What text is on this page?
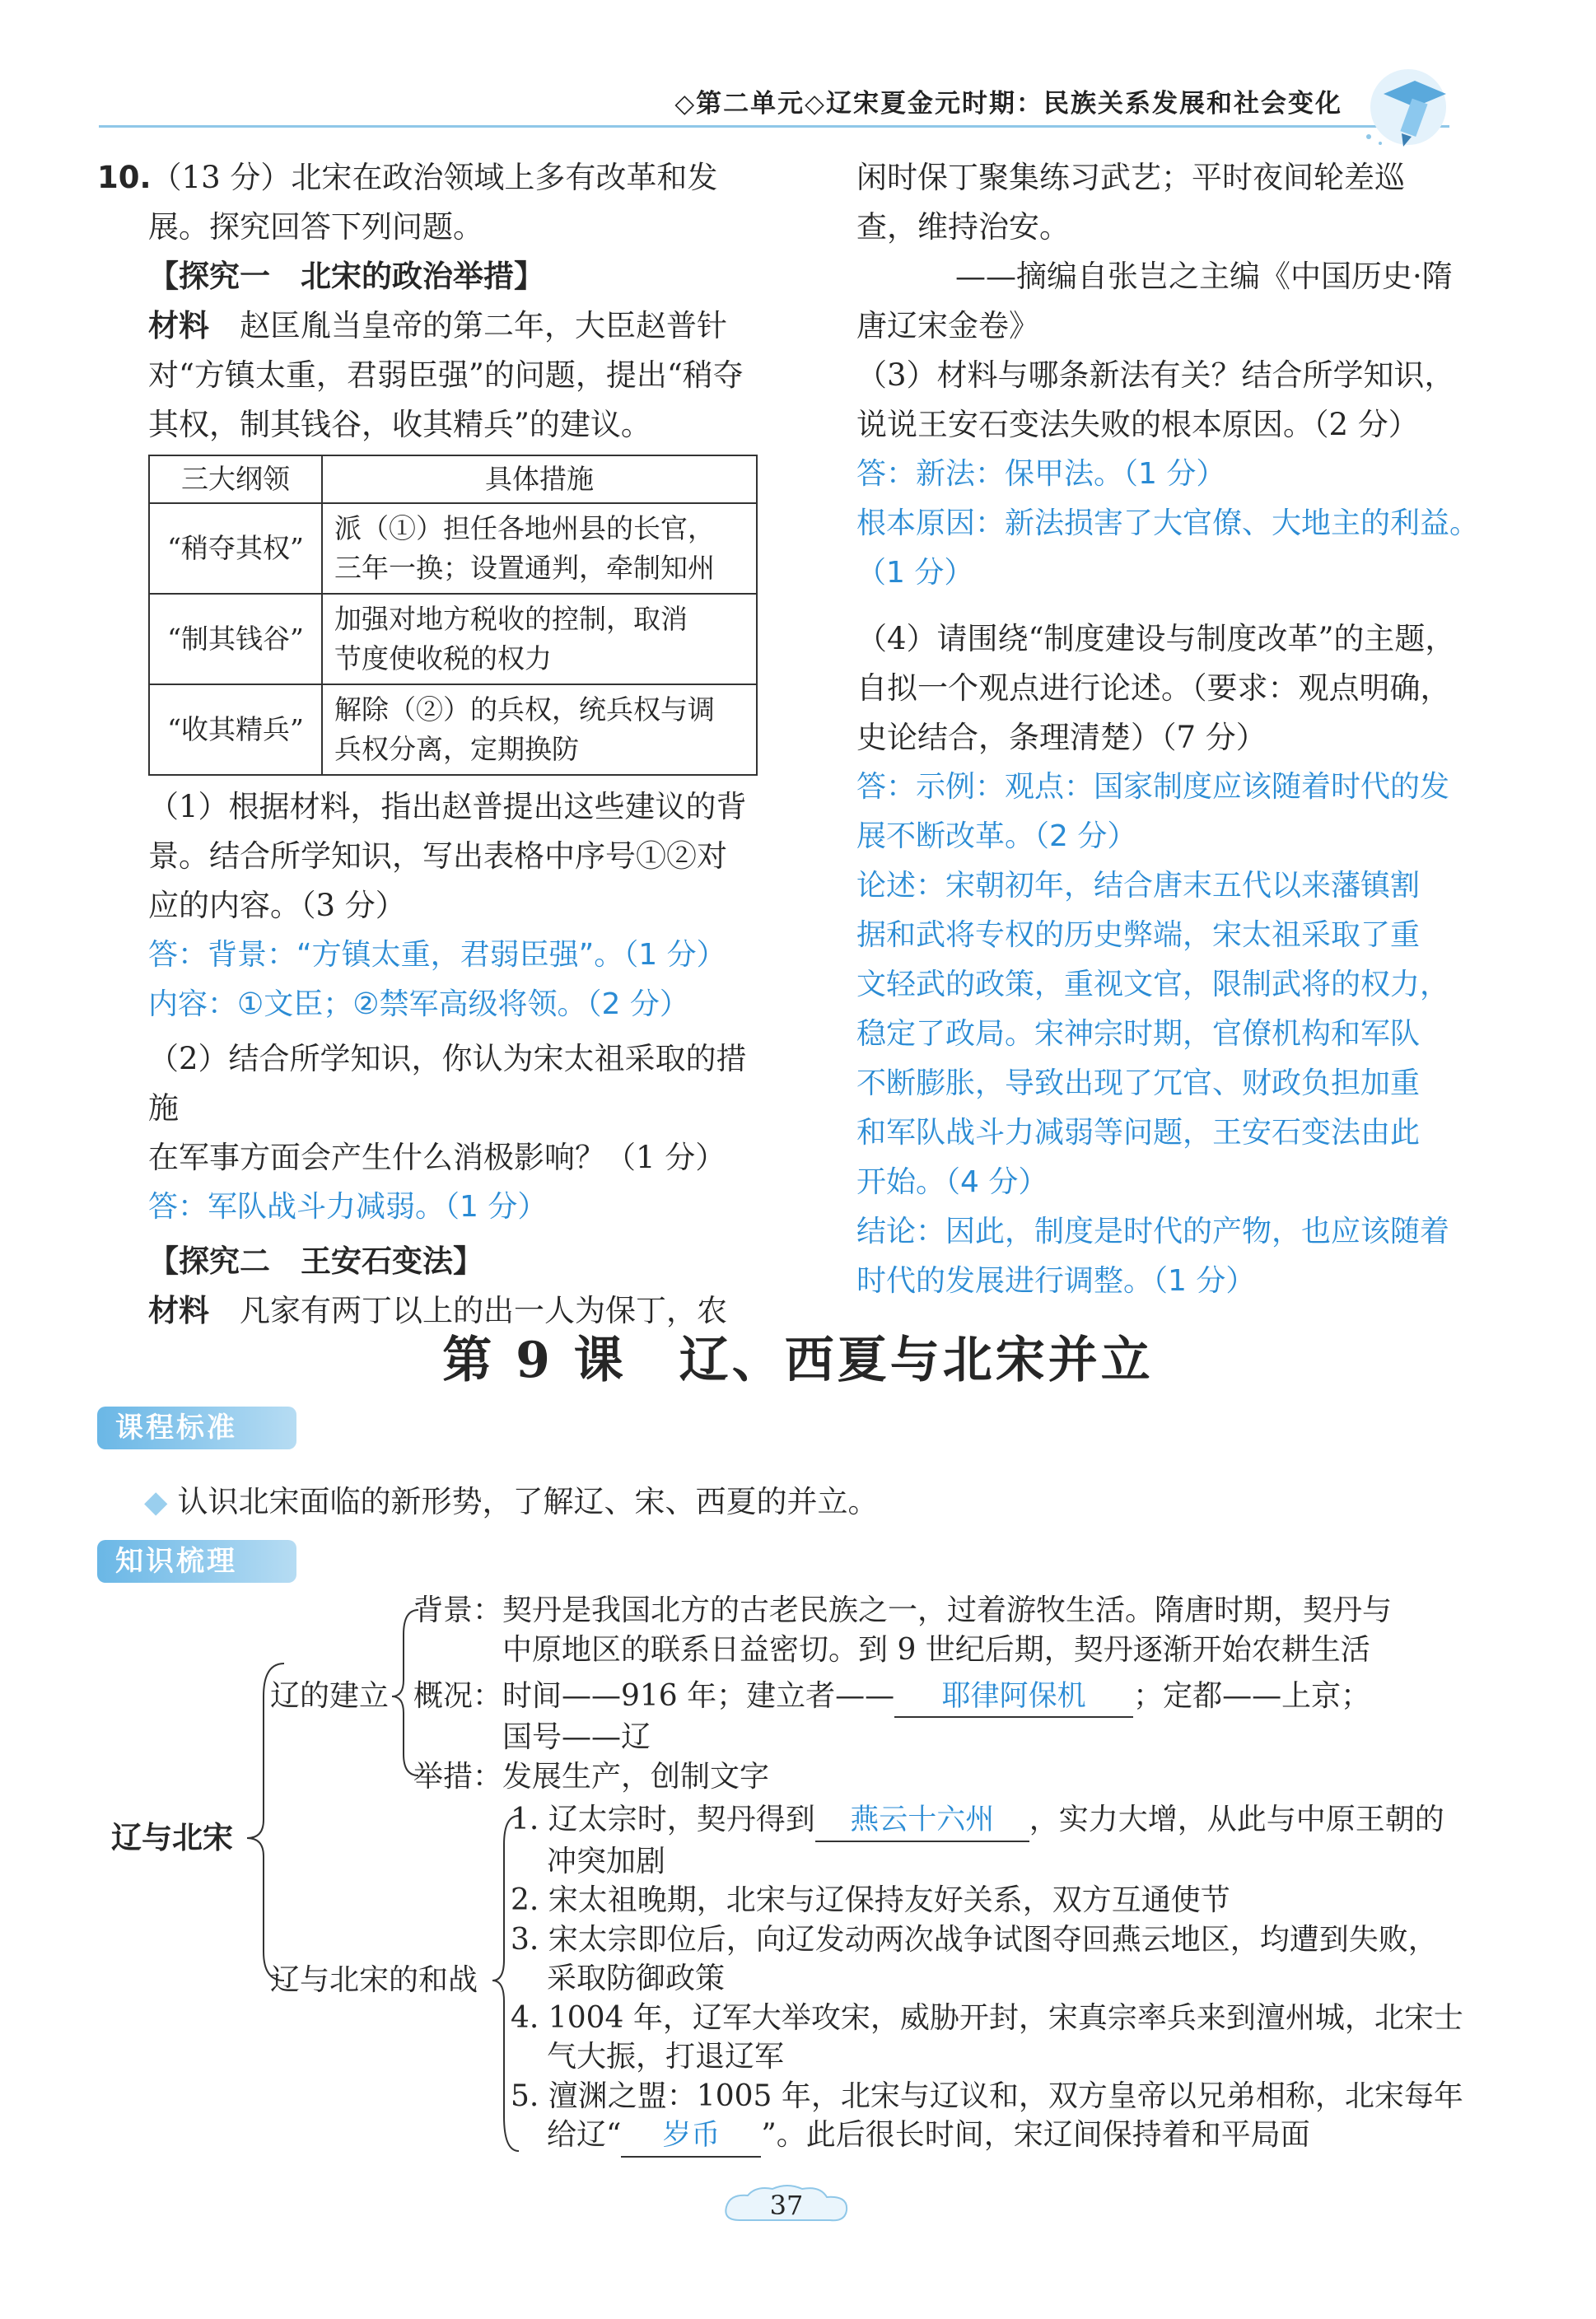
◇第二单元◇辽宋夏金元时期：民族关系发展和社会变化

10.（13 分）北宋在政治领域上多有改革和发

展。探究回答下列问题。

【探究一　北宋的政治举措】

材料　赵匡胤当皇帝的第二年，大臣赵普针

对“方镇太重，君弱臣强”的问题，提出“稍夺

其权，制其钱谷，收其精兵”的建议。

三大纲领	具体措施
“稍夺其权”	派（①）担任各地州县的长官，
三年一换；设置通判，牵制知州

“制其钱谷”	加强对地方税收的控制，取消
节度使收税的权力

“收其精兵”	解除（②）的兵权，统兵权与调
兵权分离，定期换防

（1）根据材料，指出赵普提出这些建议的背

景。结合所学知识，写出表格中序号①②对

应的内容。（3 分）

答：背景：“方镇太重，君弱臣强”。（1 分）

内容：①文臣；②禁军高级将领。（2 分）

（2）结合所学知识，你认为宋太祖采取的措施

在军事方面会产生什么消极影响？（1 分）

答：军队战斗力减弱。（1 分）

【探究二　王安石变法】

材料　凡家有两丁以上的出一人为保丁，农

闲时保丁聚集练习武艺；平时夜间轮差巡

查，维持治安。

——摘编自张岂之主编《中国历史·隋

唐辽宋金卷》

（3）材料与哪条新法有关？结合所学知识，

说说王安石变法失败的根本原因。（2 分）

答：新法：保甲法。（1 分）

根本原因：新法损害了大官僚、大地主的利益。

（1 分）

（4）请围绕“制度建设与制度改革”的主题，

自拟一个观点进行论述。（要求：观点明确，

史论结合，条理清楚）（7 分）

答：示例：观点：国家制度应该随着时代的发

展不断改革。（2 分）

论述：宋朝初年，结合唐末五代以来藩镇割

据和武将专权的历史弊端，宋太祖采取了重

文轻武的政策，重视文官，限制武将的权力，

稳定了政局。宋神宗时期，官僚机构和军队

不断膨胀，导致出现了冗官、财政负担加重

和军队战斗力减弱等问题，王安石变法由此

开始。（4 分）

结论：因此，制度是时代的产物，也应该随着

时代的发展进行调整。（1 分）

第 9 课　辽、西夏与北宋并立
课程标准
◆ 认识北宋面临的新形势，了解辽、宋、西夏的并立。
知识梳理
辽与北宋
辽的建立
辽与北宋的和战
背景：契丹是我国北方的古老民族之一，过着游牧生活。隋唐时期，契丹与
中原地区的联系日益密切。到 9 世纪后期，契丹逐渐开始农耕生活
概况：时间——916 年；建立者—— 耶律阿保机 ；定都——上京；
国号——辽
举措：发展生产，创制文字
1. 辽太宗时，契丹得到 燕云十六州 ，实力大增，从此与中原王朝的
冲突加剧
2. 宋太祖晚期，北宋与辽保持友好关系，双方互通使节
3. 宋太宗即位后，向辽发动两次战争试图夺回燕云地区，均遭到失败，
采取防御政策
4. 1004 年，辽军大举攻宋，威胁开封，宋真宗率兵来到澶州城，北宋士
气大振，打退辽军
5. 澶渊之盟：1005 年，北宋与辽议和，双方皇帝以兄弟相称，北宋每年
给辽“ 岁币 ”。此后很长时间，宋辽间保持着和平局面
37
